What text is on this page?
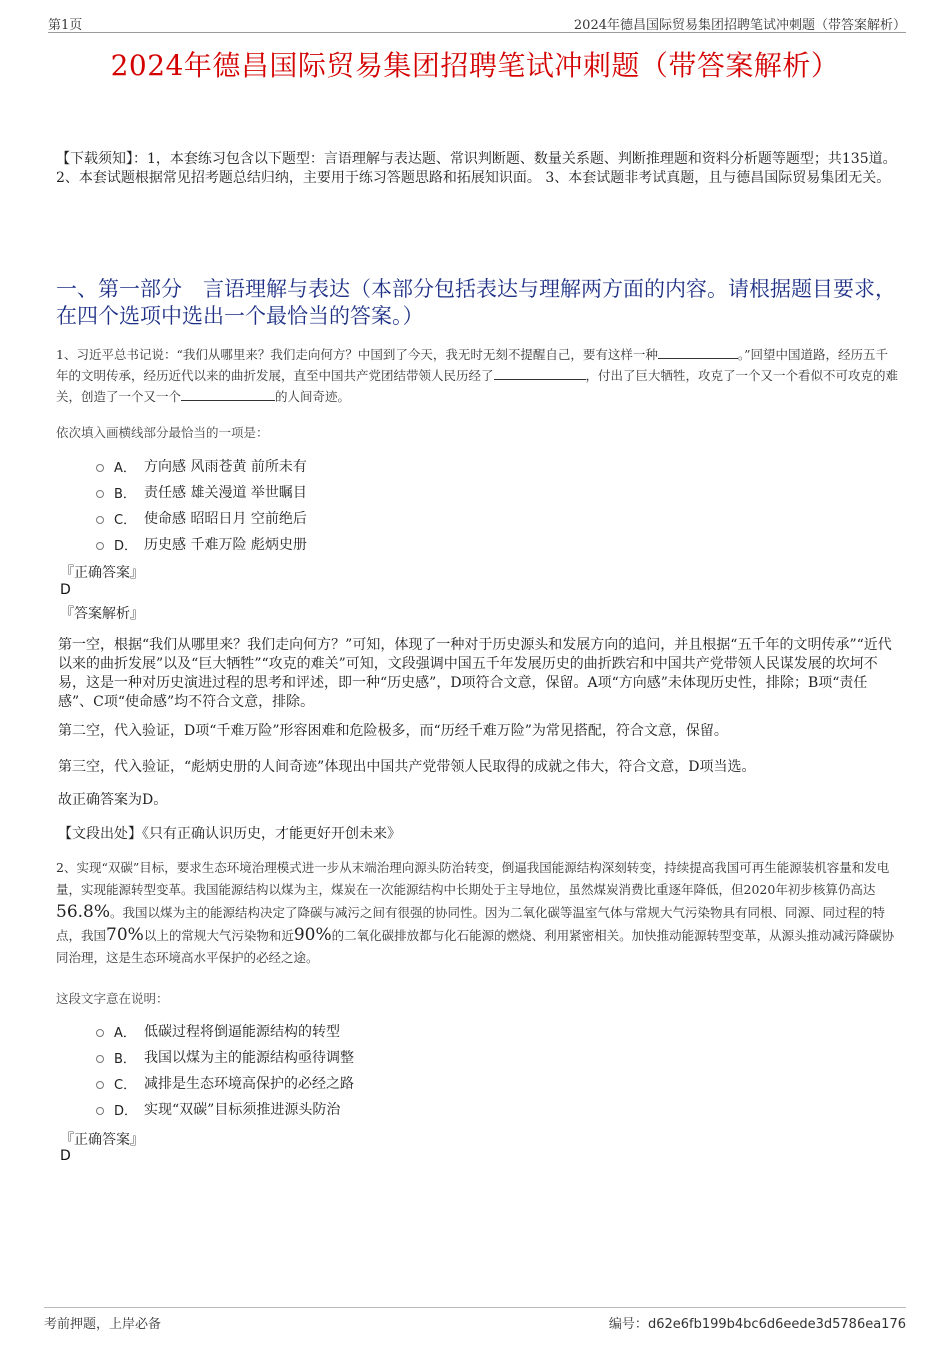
第1页	2024年德昌国际贸易集团招聘笔试冲刺题（带答案解析）
2024年德昌国际贸易集团招聘笔试冲刺题（带答案解析）
【下载须知】：1，本套练习包含以下题型：言语理解与表达题、常识判断题、数量关系题、判断推理题和资料分析题等题型；共135道。 2、本套试题根据常见招考题总结归纳，主要用于练习答题思路和拓展知识面。 3、本套试题非考试真题，且与德昌国际贸易集团无关。
一、第一部分　言语理解与表达（本部分包括表达与理解两方面的内容。请根据题目要求，在四个选项中选出一个最恰当的答案。）
1、习近平总书记说：“我们从哪里来？我们走向何方？中国到了今天，我无时无刻不提醒自己，要有这样一种	。”回望中国道路，经历五千年的文明传承，经历近代以来的曲折发展，直至中国共产党团结带领人民历经了	，付出了巨大牺牲，攻克了一个又一个看似不可攻克的难关，创造了一个又一个	的人间奇迹。
依次填入画横线部分最恰当的一项是：
A． 方向感 风雨苍黄 前所未有
B． 责任感 雄关漫道 举世瞩目
C． 使命感 昭昭日月 空前绝后
D． 历史感 千难万险 彪炳史册
『正确答案』
D
『答案解析』
第一空，根据“我们从哪里来？我们走向何方？”可知，体现了一种对于历史源头和发展方向的追问，并且根据“五千年的文明传承”“近代以来的曲折发展”以及“巨大牺牲”“攻克的难关”可知，文段强调中国五千年发展历史的曲折跌宕和中国共产党带领人民谋发展的坎坷不易，这是一种对历史演进过程的思考和评述，即一种“历史感”，D项符合文意，保留。A项“方向感”未体现历史性，排除；B项“责任感”、C项“使命感”均不符合文意，排除。
第二空，代入验证，D项“千难万险”形容困难和危险极多，而“历经千难万险”为常见搭配，符合文意，保留。
第三空，代入验证，“彪炳史册的人间奇迹”体现出中国共产党带领人民取得的成就之伟大，符合文意，D项当选。
故正确答案为D。
【文段出处】《只有正确认识历史，才能更好开创未来》
2、实现“双碳”目标，要求生态环境治理模式进一步从末端治理向源头防治转变，倒逼我国能源结构深刻转变，持续提高我国可再生能源装机容量和发电量，实现能源转型变革。我国能源结构以煤为主，煤炭在一次能源结构中长期处于主导地位，虽然煤炭消费比重逐年降低，但2020年初步核算仍高达56.8%。我国以煤为主的能源结构决定了降碳与减污之间有很强的协同性。因为二氧化碳等温室气体与常规大气污染物具有同根、同源、同过程的特点，我国70%以上的常规大气污染物和近90%的二氧化碳排放都与化石能源的燃烧、利用紧密相关。加快推动能源转型变革，从源头推动减污降碳协同治理，这是生态环境高水平保护的必经之途。
这段文字意在说明：
A． 低碳过程将倒逼能源结构的转型
B． 我国以煤为主的能源结构亟待调整
C． 减排是生态环境高保护的必经之路
D． 实现“双碳”目标须推进源头防治
『正确答案』
D
考前押题，上岸必备	编号：d62e6fb199b4bc6d6eede3d5786ea176
